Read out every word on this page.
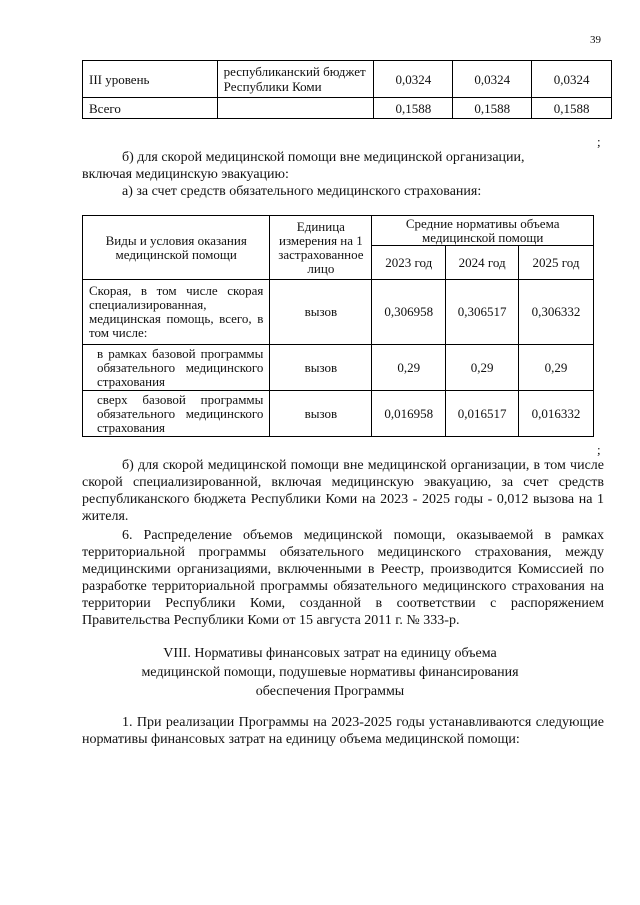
39
III уровень	республиканский бюджет Республики Коми	0,0324	0,0324	0,0324
Всего		0,1588	0,1588	0,1588
;
б) для скорой медицинской помощи вне медицинской организации,
включая медицинскую эвакуацию:
а) за счет средств обязательного медицинского страхования:
Виды и условия оказания медицинской помощи	Единица измерения на 1 застрахованное лицо	Средние нормативы объема медицинской помощи		
		2023 год	2024 год	2025 год
Скорая, в том числе скорая специализированная, медицинская помощь, всего, в том числе:	вызов	0,306958	0,306517	0,306332
в рамках базовой программы обязательного медицинского страхования	вызов	0,29	0,29	0,29
сверх базовой программы обязательного медицинского страхования	вызов	0,016958	0,016517	0,016332
;
б) для скорой медицинской помощи вне медицинской организации, в том числе скорой специализированной, включая медицинскую эвакуацию, за счет средств республиканского бюджета Республики Коми на 2023 - 2025 годы - 0,012 вызова на 1 жителя.
6. Распределение объемов медицинской помощи, оказываемой в рамках территориальной программы обязательного медицинского страхования, между медицинскими организациями, включенными в Реестр, производится Комиссией по разработке территориальной программы обязательного медицинского страхования на территории Республики Коми, созданной в соответствии с распоряжением Правительства Республики Коми от 15 августа 2011 г. № 333-р.
VIII. Нормативы финансовых затрат на единицу объема
медицинской помощи, подушевые нормативы финансирования
обеспечения Программы
1. При реализации Программы на 2023-2025 годы устанавливаются следующие нормативы финансовых затрат на единицу объема медицинской помощи:
